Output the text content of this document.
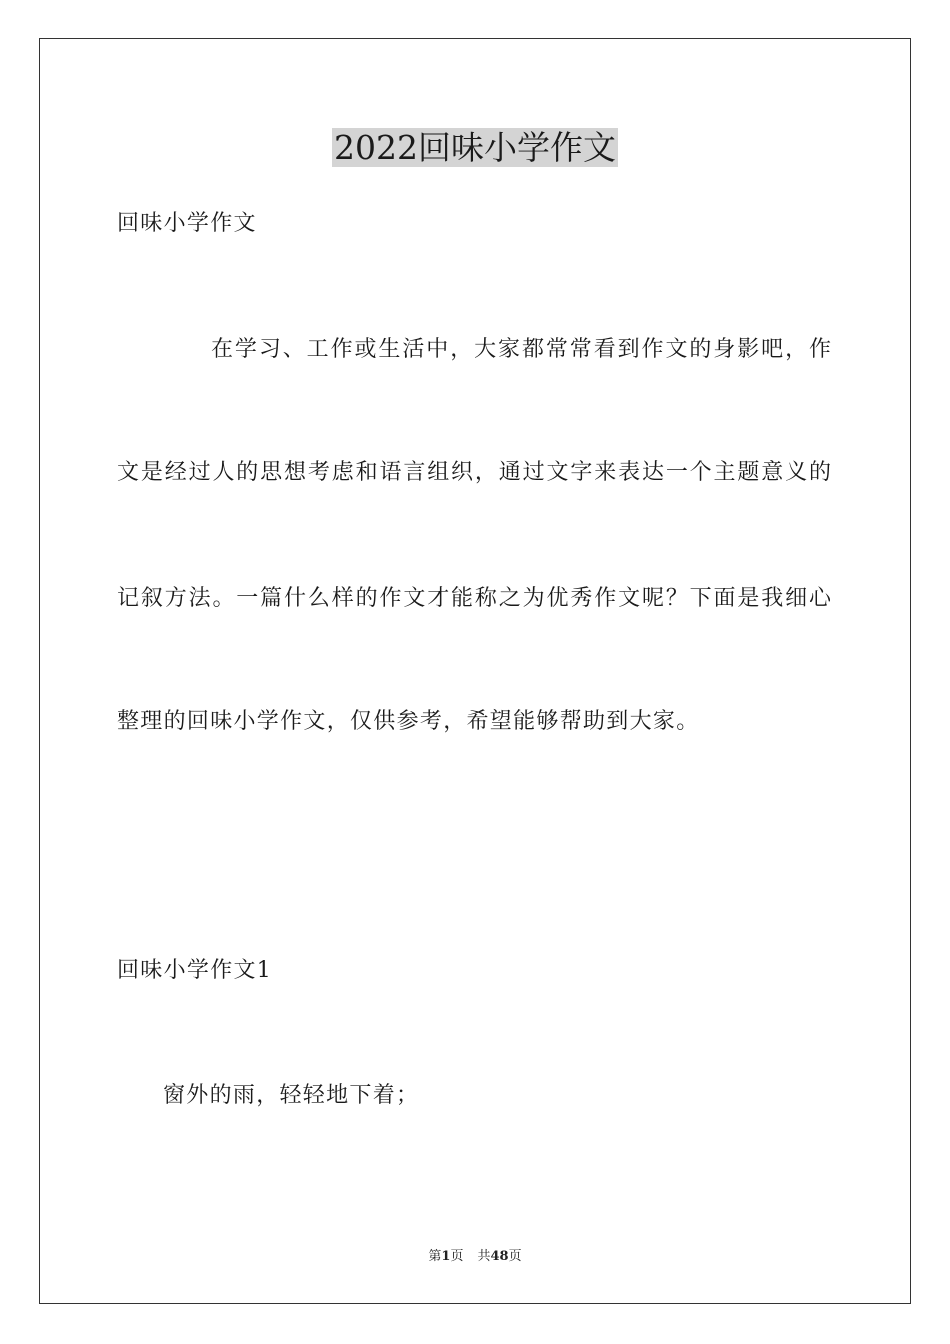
2022回味小学作文
回味小学作文
在学习、工作或生活中，大家都常常看到作文的身影吧，作
文是经过人的思想考虑和语言组织，通过文字来表达一个主题意义的
记叙方法。一篇什么样的作文才能称之为优秀作文呢？下面是我细心
整理的回味小学作文，仅供参考，希望能够帮助到大家。
回味小学作文1
窗外的雨，轻轻地下着；
第1页 共48页
